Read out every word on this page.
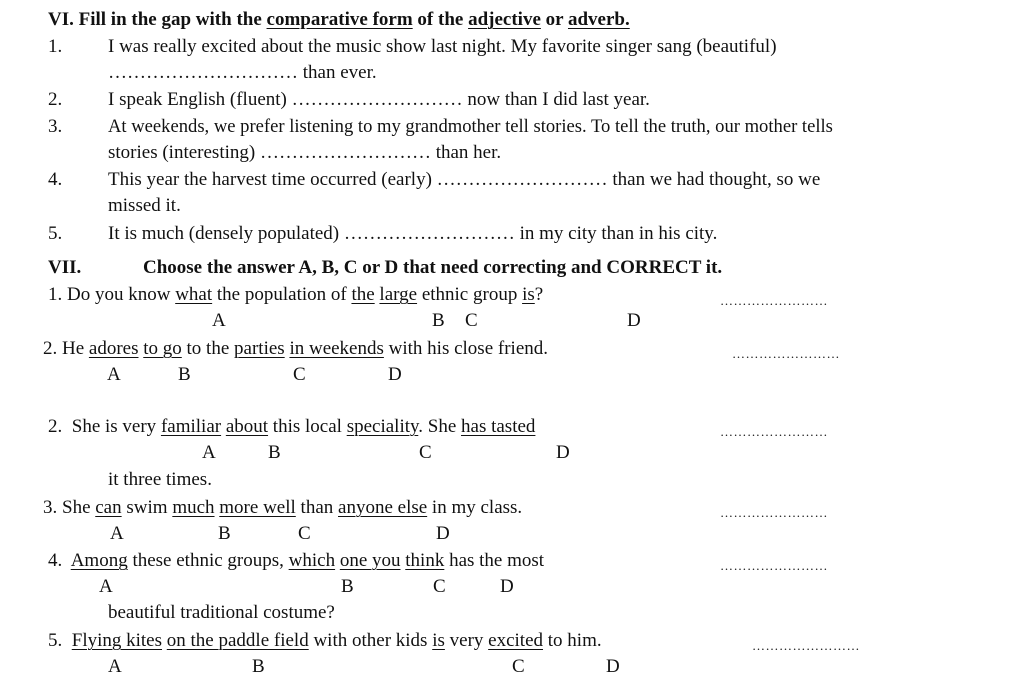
VI. Fill in the gap with the comparative form of the adjective or adverb.
1. I was really excited about the music show last night. My favorite singer sang (beautiful)
………………………… than ever.
2. I speak English (fluent) ……………………… now than I did last year.
3. At weekends, we prefer listening to my grandmother tell stories. To tell the truth, our mother tells
stories (interesting) ……………………… than her.
4. This year the harvest time occurred (early) ……………………… than we had thought, so we
missed it.
5. It is much (densely populated) ……………………… in my city than in his city.
VII.	Choose the answer A, B, C or D that need correcting and CORRECT it.
1. Do you know what the population of the large ethnic group is?
A	B C	D
……………………
2. He adores to go to the parties in weekends with his close friend.
A	B	C	D
……………………
2. She is very familiar about this local speciality. She has tasted
A	B	C	D
it three times.
……………………
3. She can swim much more well than anyone else in my class.
A	B	C	D
……………………
4. Among these ethnic groups, which one you think has the most
A	B	C	D
beautiful traditional costume?
……………………
5. Flying kites on the paddle field with other kids is very excited to him.
A	B	C	D
……………………
